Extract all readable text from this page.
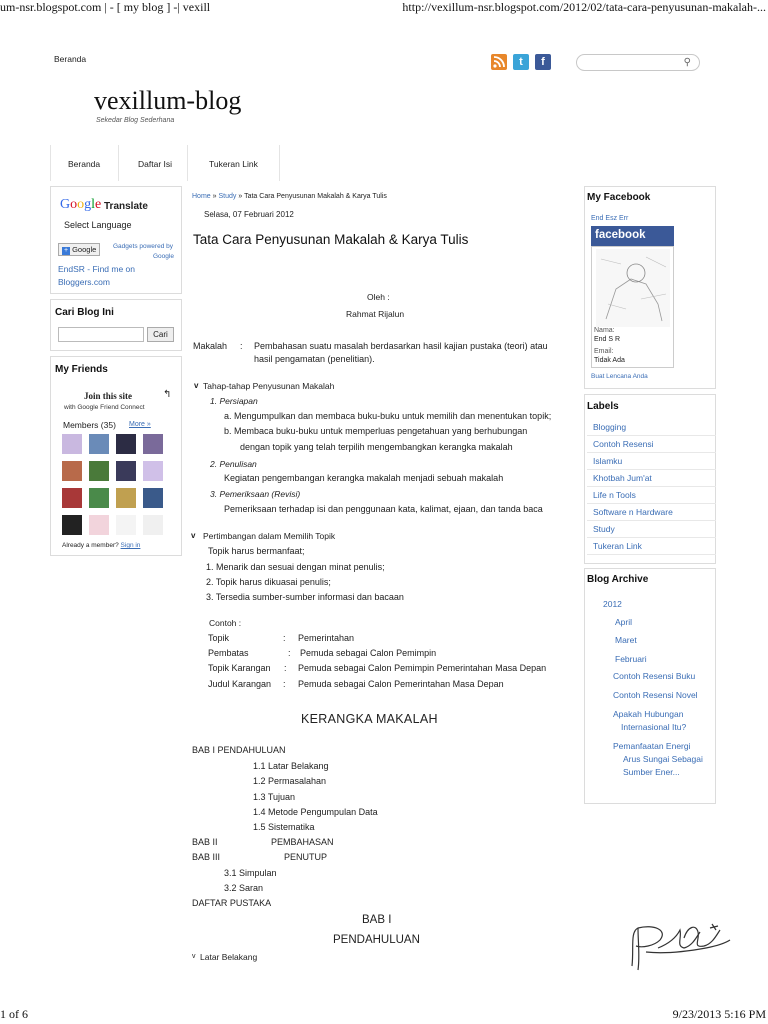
um-nsr.blogspot.com | - [ my blog ] -| vexill	http://vexillum-nsr.blogspot.com/2012/02/tata-cara-penyusunan-makalah-...
Beranda	t	f	⚲
vexillum-blog
Sekedar Blog Sederhana
Beranda	Daftar Isi	Tukeran Link
Google Translate
Select Language
+ Google	Gadgets powered by
Google
EndSR - Find me on
Bloggers.com
Cari Blog Ini
Cari
My Friends
Join this site	↰
with Google Friend Connect
Members (35) More »
Already a member? Sign in
Home » Study » Tata Cara Penyusunan Makalah & Karya Tulis
Selasa, 07 Februari 2012
Tata Cara Penyusunan Makalah & Karya Tulis
Oleh :
Rahmat Rijalun
Makalah : Pembahasan suatu masalah berdasarkan hasil kajian pustaka (teori) atau
hasil pengamatan (penelitian).
v Tahap-tahap Penyusunan Makalah
1. Persiapan
a. Mengumpulkan dan membaca buku-buku untuk memilih dan menentukan topik;
b. Membaca buku-buku untuk memperluas pengetahuan yang berhubungan
dengan topik yang telah terpilih mengembangkan kerangka makalah
2. Penulisan
Kegiatan pengembangan kerangka makalah menjadi sebuah makalah
3. Pemeriksaan (Revisi)
Pemeriksaan terhadap isi dan penggunaan kata, kalimat, ejaan, dan tanda baca
v Pertimbangan dalam Memilih Topik
Topik harus bermanfaat;
1. Menarik dan sesuai dengan minat penulis;
2. Topik harus dikuasai penulis;
3. Tersedia sumber-sumber informasi dan bacaan
Contoh :
Topik	: Pemerintahan
Pembatas	: Pemuda sebagai Calon Pemimpin
Topik Karangan : Pemuda sebagai Calon Pemimpin Pemerintahan Masa Depan
Judul Karangan : Pemuda sebagai Calon Pemerintahan Masa Depan
KERANGKA MAKALAH
BAB I PENDAHULUAN
1.1 Latar Belakang
1.2 Permasalahan
1.3 Tujuan
1.4 Metode Pengumpulan Data
1.5 Sistematika
BAB II	PEMBAHASAN
BAB III	PENUTUP
3.1 Simpulan
3.2 Saran
DAFTAR PUSTAKA
BAB I
PENDAHULUAN
v Latar Belakang
My Facebook
End Esz Err
facebook
Nama:
End S R
Email:
Tidak Ada
Buat Lencana Anda
Labels
Blogging
Contoh Resensi
Islamku
Khotbah Jum'at
Life n Tools
Software n Hardware
Study
Tukeran Link
Blog Archive
2012
April
Maret
Februari
Contoh Resensi Buku
Contoh Resensi Novel
Apakah Hubungan
Internasional Itu?
Pemanfaatan Energi
Arus Sungai Sebagai
Sumber Ener...
1 of 6	9/23/2013 5:16 PM
